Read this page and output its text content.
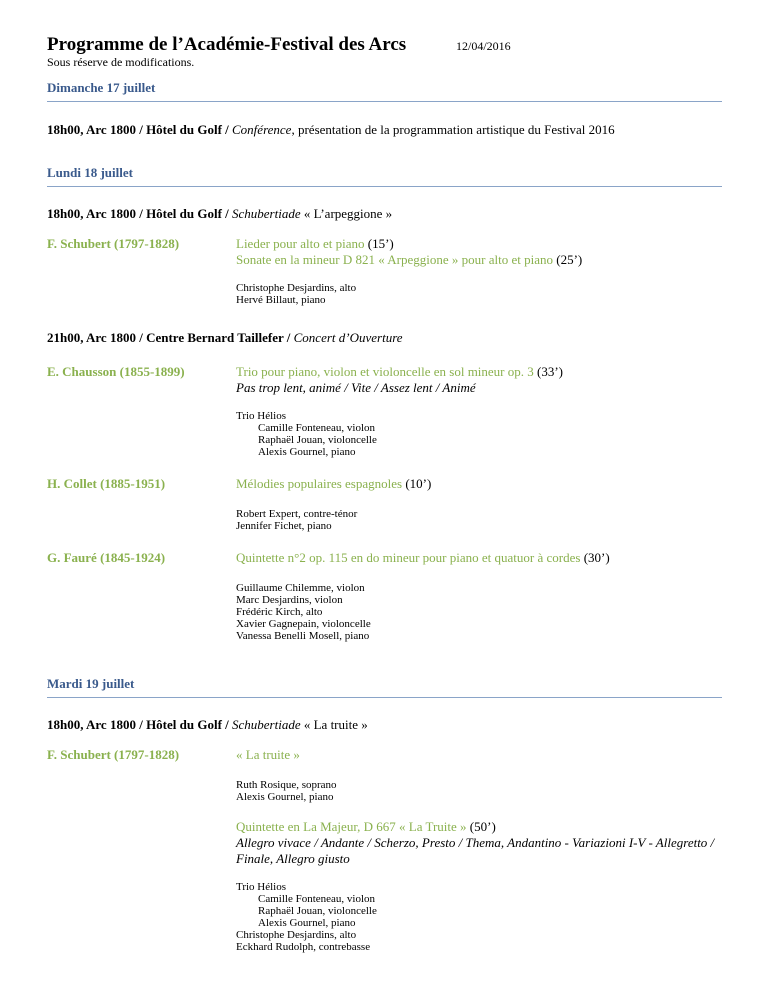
Programme de l’Académie-Festival des Arcs	12/04/2016
Sous réserve de modifications.
Dimanche 17 juillet
18h00, Arc 1800 / Hôtel du Golf / Conférence, présentation de la programmation artistique du Festival 2016
Lundi 18 juillet
18h00, Arc 1800 / Hôtel du Golf / Schubertiade « L’arpeggione »
F. Schubert (1797-1828)	Lieder pour alto et piano (15’)
Sonate en la mineur D 821 « Arpeggione » pour alto et piano (25’)
Christophe Desjardins, alto
Hervé Billaut, piano
21h00, Arc 1800 / Centre Bernard Taillefer / Concert d’Ouverture
E. Chausson (1855-1899)	Trio pour piano, violon et violoncelle en sol mineur op. 3 (33’)
Pas trop lent, animé / Vite / Assez lent / Animé
Trio Hélios
Camille Fonteneau, violon
Raphaël Jouan, violoncelle
Alexis Gournel, piano
H. Collet (1885-1951)	Mélodies populaires espagnoles (10’)
Robert Expert, contre-ténor
Jennifer Fichet, piano
G. Fauré (1845-1924)	Quintette n°2 op. 115 en do mineur pour piano et quatuor à cordes (30’)
Guillaume Chilemme, violon
Marc Desjardins, violon
Frédéric Kirch, alto
Xavier Gagnepain, violoncelle
Vanessa Benelli Mosell, piano
Mardi 19 juillet
18h00, Arc 1800 / Hôtel du Golf / Schubertiade « La truite »
F. Schubert (1797-1828)	« La truite »
Ruth Rosique, soprano
Alexis Gournel, piano
Quintette en La Majeur, D 667 « La Truite » (50’)
Allegro vivace / Andante / Scherzo, Presto / Thema, Andantino - Variazioni I-V - Allegretto /
Finale, Allegro giusto
Trio Hélios
Camille Fonteneau, violon
Raphaël Jouan, violoncelle
Alexis Gournel, piano
Christophe Desjardins, alto
Eckhard Rudolph, contrebasse
